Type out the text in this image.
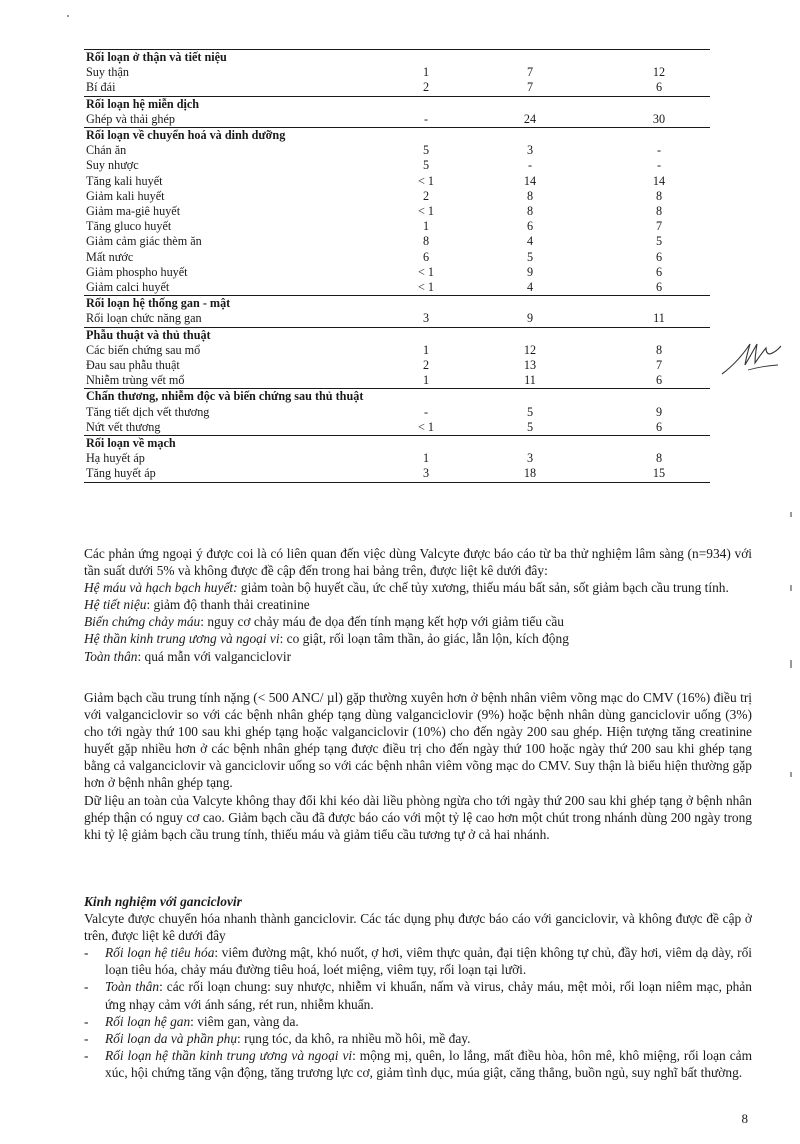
Rối loạn ở thận và tiết niệu			
Suy thận	1	7	12
Bí đái	2	7	6
Rối loạn hệ miễn dịch			
Ghép và thải ghép	-	24	30
Rối loạn về chuyển hoá và dinh dưỡng			
Chán ăn	5	3	-
Suy nhược	5	-	-
Tăng kali huyết	< 1	14	14
Giảm kali huyết	2	8	8
Giảm ma-giê huyết	< 1	8	8
Tăng gluco huyết	1	6	7
Giảm cảm giác thèm ăn	8	4	5
Mất nước	6	5	6
Giảm phospho huyết	< 1	9	6
Giảm calci huyết	< 1	4	6
Rối loạn hệ thống gan - mật			
Rối loạn chức năng gan	3	9	11
Phẫu thuật và thủ thuật			
Các biến chứng sau mổ	1	12	8
Đau sau phẫu thuật	2	13	7
Nhiễm trùng vết mổ	1	11	6
Chấn thương, nhiễm độc và biến chứng sau thủ thuật			
Tăng tiết dịch vết thương	-	5	9
Nứt vết thương	< 1	5	6
Rối loạn về mạch			
Hạ huyết áp	1	3	8
Tăng huyết áp	3	18	15

Các phản ứng ngoại ý được coi là có liên quan đến việc dùng Valcyte được báo cáo từ ba thử nghiệm lâm sàng (n=934) với tần suất dưới 5% và không được đề cập đến trong hai bảng trên, được liệt kê dưới đây:

Hệ máu và hạch bạch huyết: giảm toàn bộ huyết cầu, ức chế tủy xương, thiếu máu bất sản, sốt giảm bạch cầu trung tính.

Hệ tiết niệu: giảm độ thanh thải creatinine

Biến chứng chảy máu: nguy cơ chảy máu đe dọa đến tính mạng kết hợp với giảm tiểu cầu

Hệ thần kinh trung ương và ngoại vi: co giật, rối loạn tâm thần, ảo giác, lẫn lộn, kích động

Toàn thân: quá mẫn với valganciclovir

Giảm bạch cầu trung tính nặng (< 500 ANC/ µl) gặp thường xuyên hơn ở bệnh nhân viêm võng mạc do CMV (16%) điều trị với valganciclovir so với các bệnh nhân ghép tạng dùng valganciclovir (9%) hoặc bệnh nhân dùng ganciclovir uống (3%) cho tới ngày thứ 100 sau khi ghép tạng hoặc valganciclovir (10%) cho đến ngày 200 sau ghép. Hiện tượng tăng creatinine huyết gặp nhiều hơn ở các bệnh nhân ghép tạng được điều trị cho đến ngày thứ 100 hoặc ngày thứ 200 sau khi ghép tạng bằng cả valganciclovir và ganciclovir uống so với các bệnh nhân viêm võng mạc do CMV. Suy thận là biểu hiện thường gặp hơn ở bệnh nhân ghép tạng.

Dữ liệu an toàn của Valcyte không thay đổi khi kéo dài liều phòng ngừa cho tới ngày thứ 200 sau khi ghép tạng ở bệnh nhân ghép thận có nguy cơ cao. Giảm bạch cầu đã được báo cáo với một tỷ lệ cao hơn một chút trong nhánh dùng 200 ngày trong khi tỷ lệ giảm bạch cầu trung tính, thiếu máu và giảm tiểu cầu tương tự ở cả hai nhánh.

Kinh nghiệm với ganciclovir

Valcyte được chuyển hóa nhanh thành ganciclovir. Các tác dụng phụ được báo cáo với ganciclovir, và không được đề cập ở trên, được liệt kê dưới đây

-	Rối loạn hệ tiêu hóa: viêm đường mật, khó nuốt, ợ hơi, viêm thực quản, đại tiện không tự chủ, đầy hơi, viêm dạ dày, rối loạn tiêu hóa, chảy máu đường tiêu hoá, loét miệng, viêm tụy, rối loạn tại lưỡi.
-	Toàn thân: các rối loạn chung: suy nhược, nhiễm vi khuẩn, nấm và virus, chảy máu, mệt mỏi, rối loạn niêm mạc, phản ứng nhạy cảm với ánh sáng, rét run, nhiễm khuẩn.
-	Rối loạn hệ gan: viêm gan, vàng da.
-	Rối loạn da và phần phụ: rụng tóc, da khô, ra nhiều mồ hôi, mề đay.
-	Rối loạn hệ thần kinh trung ương và ngoại vi: mộng mị, quên, lo lắng, mất điều hòa, hôn mê, khô miệng, rối loạn cảm xúc, hội chứng tăng vận động, tăng trương lực cơ, giảm tình dục, múa giật, căng thẳng, buồn ngủ, suy nghĩ bất thường.
8
